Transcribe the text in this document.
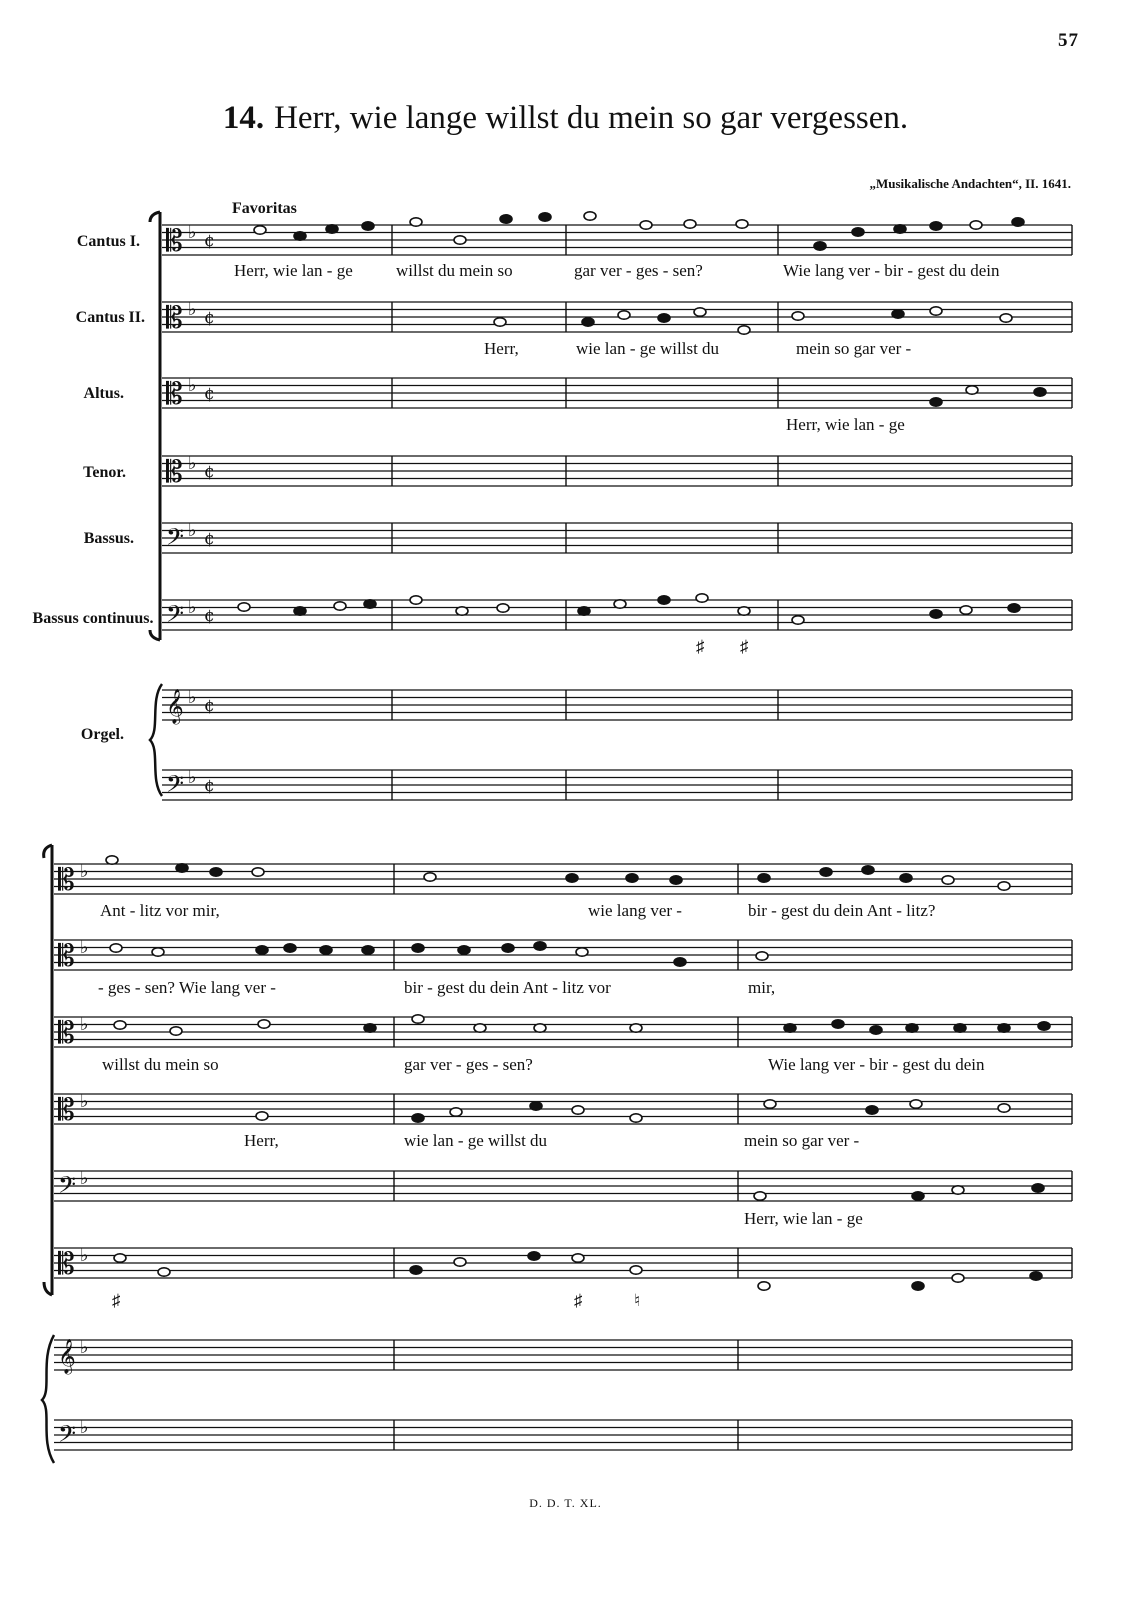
57
14. Herr, wie lange willst du mein so gar vergessen.
„Musikalische Andachten“, II. 1641.
Favoritas
Cantus I.
Cantus II.
Altus.
Tenor.
Bassus.
Bassus continuus.
Orgel.
𝄡 ♭
𝄡 ♭
𝄡 ♭
𝄡 ♭
𝄢 ♭
𝄢 ♭
𝄞 ♭
𝄢 ♭
¢
¢
¢
¢
¢
¢
¢
¢
𝄡 ♭
𝄡 ♭
𝄡 ♭
𝄡 ♭
𝄢 ♭
𝄡 ♭
𝄞 ♭
𝄢 ♭
Herr, wie lan - ge	willst du mein so	gar ver - ges - sen?	Wie lang ver - bir - gest du dein
Herr,	wie lan - ge willst du	mein so gar ver -
Herr, wie lan - ge
♯ ♯
Ant - litz vor mir,	wie lang ver -	bir - gest du dein Ant - litz?
- ges - sen? Wie lang ver -	bir - gest du dein Ant - litz vor	mir,
willst du mein so	gar ver - ges - sen?	Wie lang ver - bir - gest du dein
Herr,	wie lan - ge willst du	mein so gar ver -
Herr, wie lan - ge
♯	♯	♮
D. D. T. XL.
